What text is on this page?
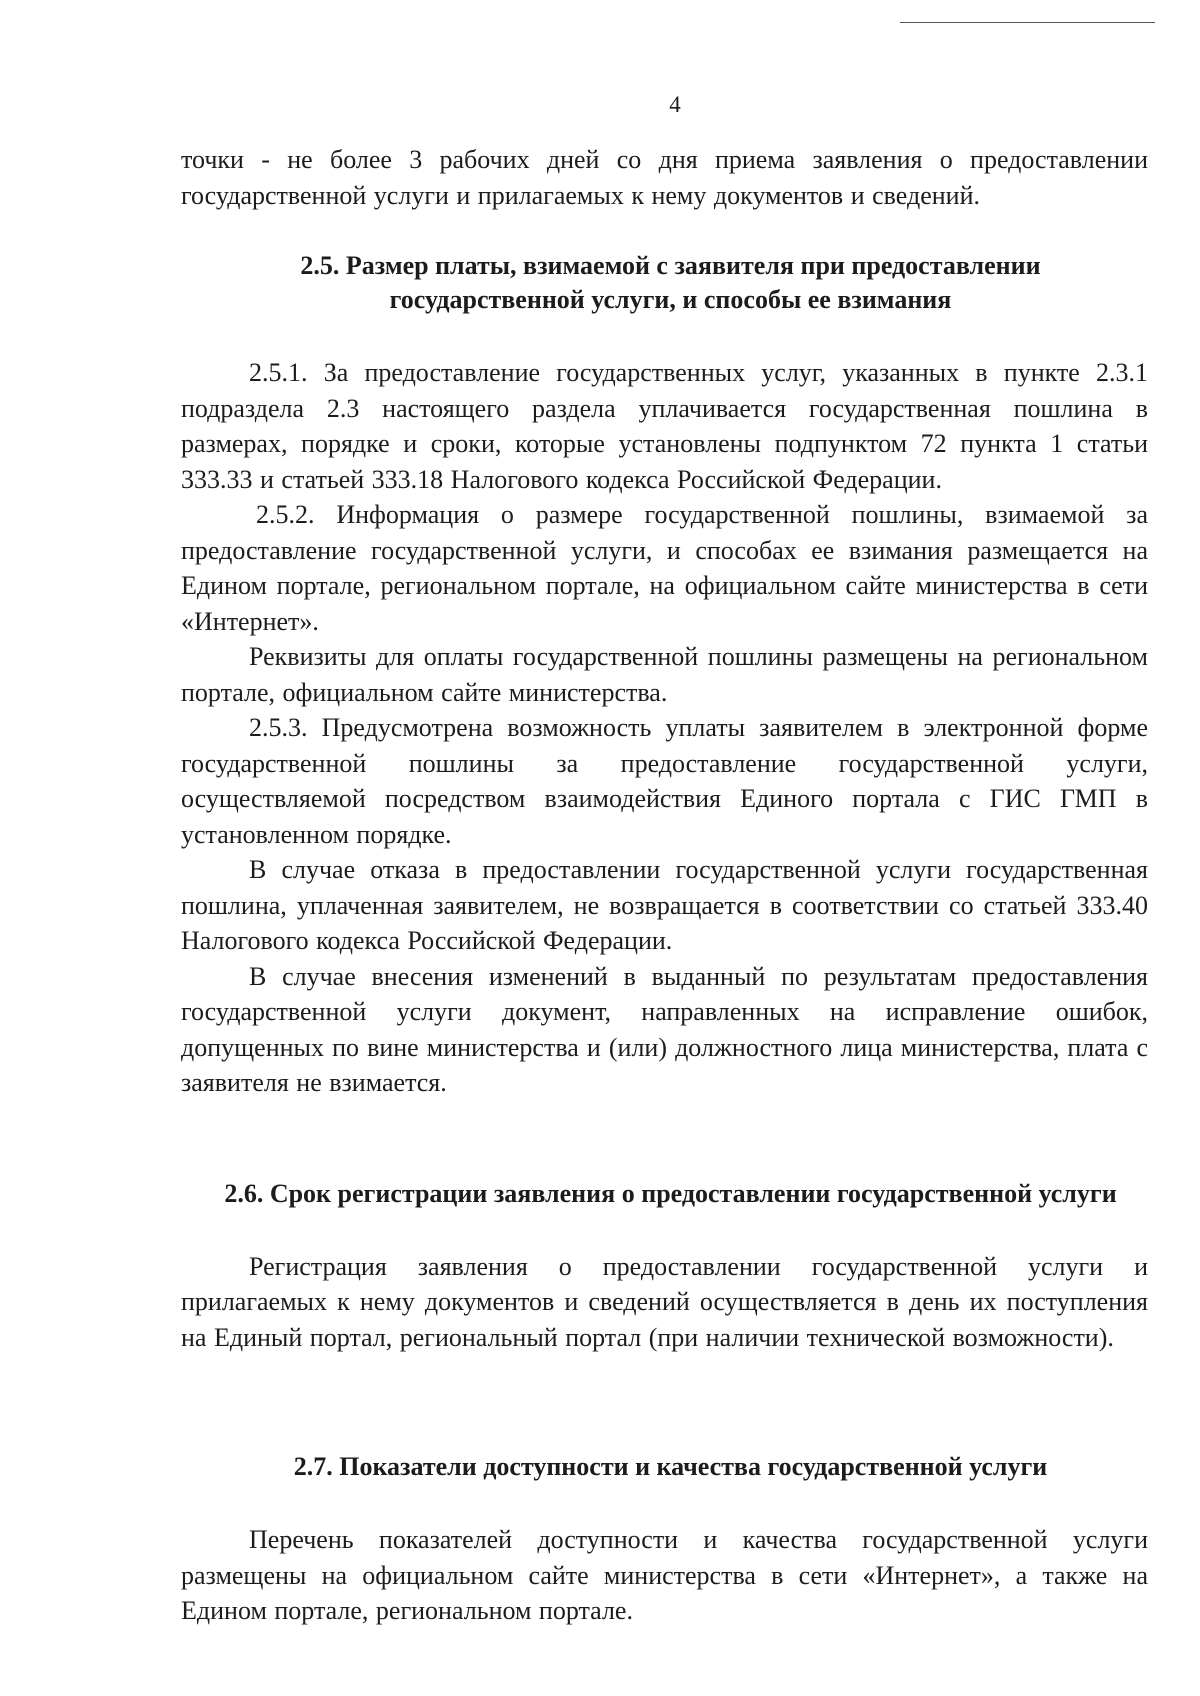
4

точки - не более 3 рабочих дней со дня приема заявления о предоставлении государственной услуги и прилагаемых к нему документов и сведений.

2.5. Размер платы, взимаемой с заявителя при предоставлении
государственной услуги, и способы ее взимания

2.5.1. За предоставление государственных услуг, указанных в пункте 2.3.1 подраздела 2.3 настоящего раздела уплачивается государственная пошлина в размерах, порядке и сроки, которые установлены подпунктом 72 пункта 1 статьи 333.33 и статьей 333.18 Налогового кодекса Российской Федерации.

2.5.2. Информация о размере государственной пошлины, взимаемой за предоставление государственной услуги, и способах ее взимания размещается на Едином портале, региональном портале, на официальном сайте министерства в сети «Интернет».

Реквизиты для оплаты государственной пошлины размещены на региональном портале, официальном сайте министерства.

2.5.3. Предусмотрена возможность уплаты заявителем в электронной форме государственной пошлины за предоставление государственной услуги, осуществляемой посредством взаимодействия Единого портала с ГИС ГМП в установленном порядке.

В случае отказа в предоставлении государственной услуги государственная пошлина, уплаченная заявителем, не возвращается в соответствии со статьей 333.40 Налогового кодекса Российской Федерации.

В случае внесения изменений в выданный по результатам предоставления государственной услуги документ, направленных на исправление ошибок, допущенных по вине министерства и (или) должностного лица министерства, плата с заявителя не взимается.

2.6. Срок регистрации заявления о предоставлении государственной услуги

Регистрация заявления о предоставлении государственной услуги и прилагаемых к нему документов и сведений осуществляется в день их поступления на Единый портал, региональный портал (при наличии технической возможности).

2.7. Показатели доступности и качества государственной услуги

Перечень показателей доступности и качества государственной услуги размещены на официальном сайте министерства в сети «Интернет», а также на Едином портале, региональном портале.
